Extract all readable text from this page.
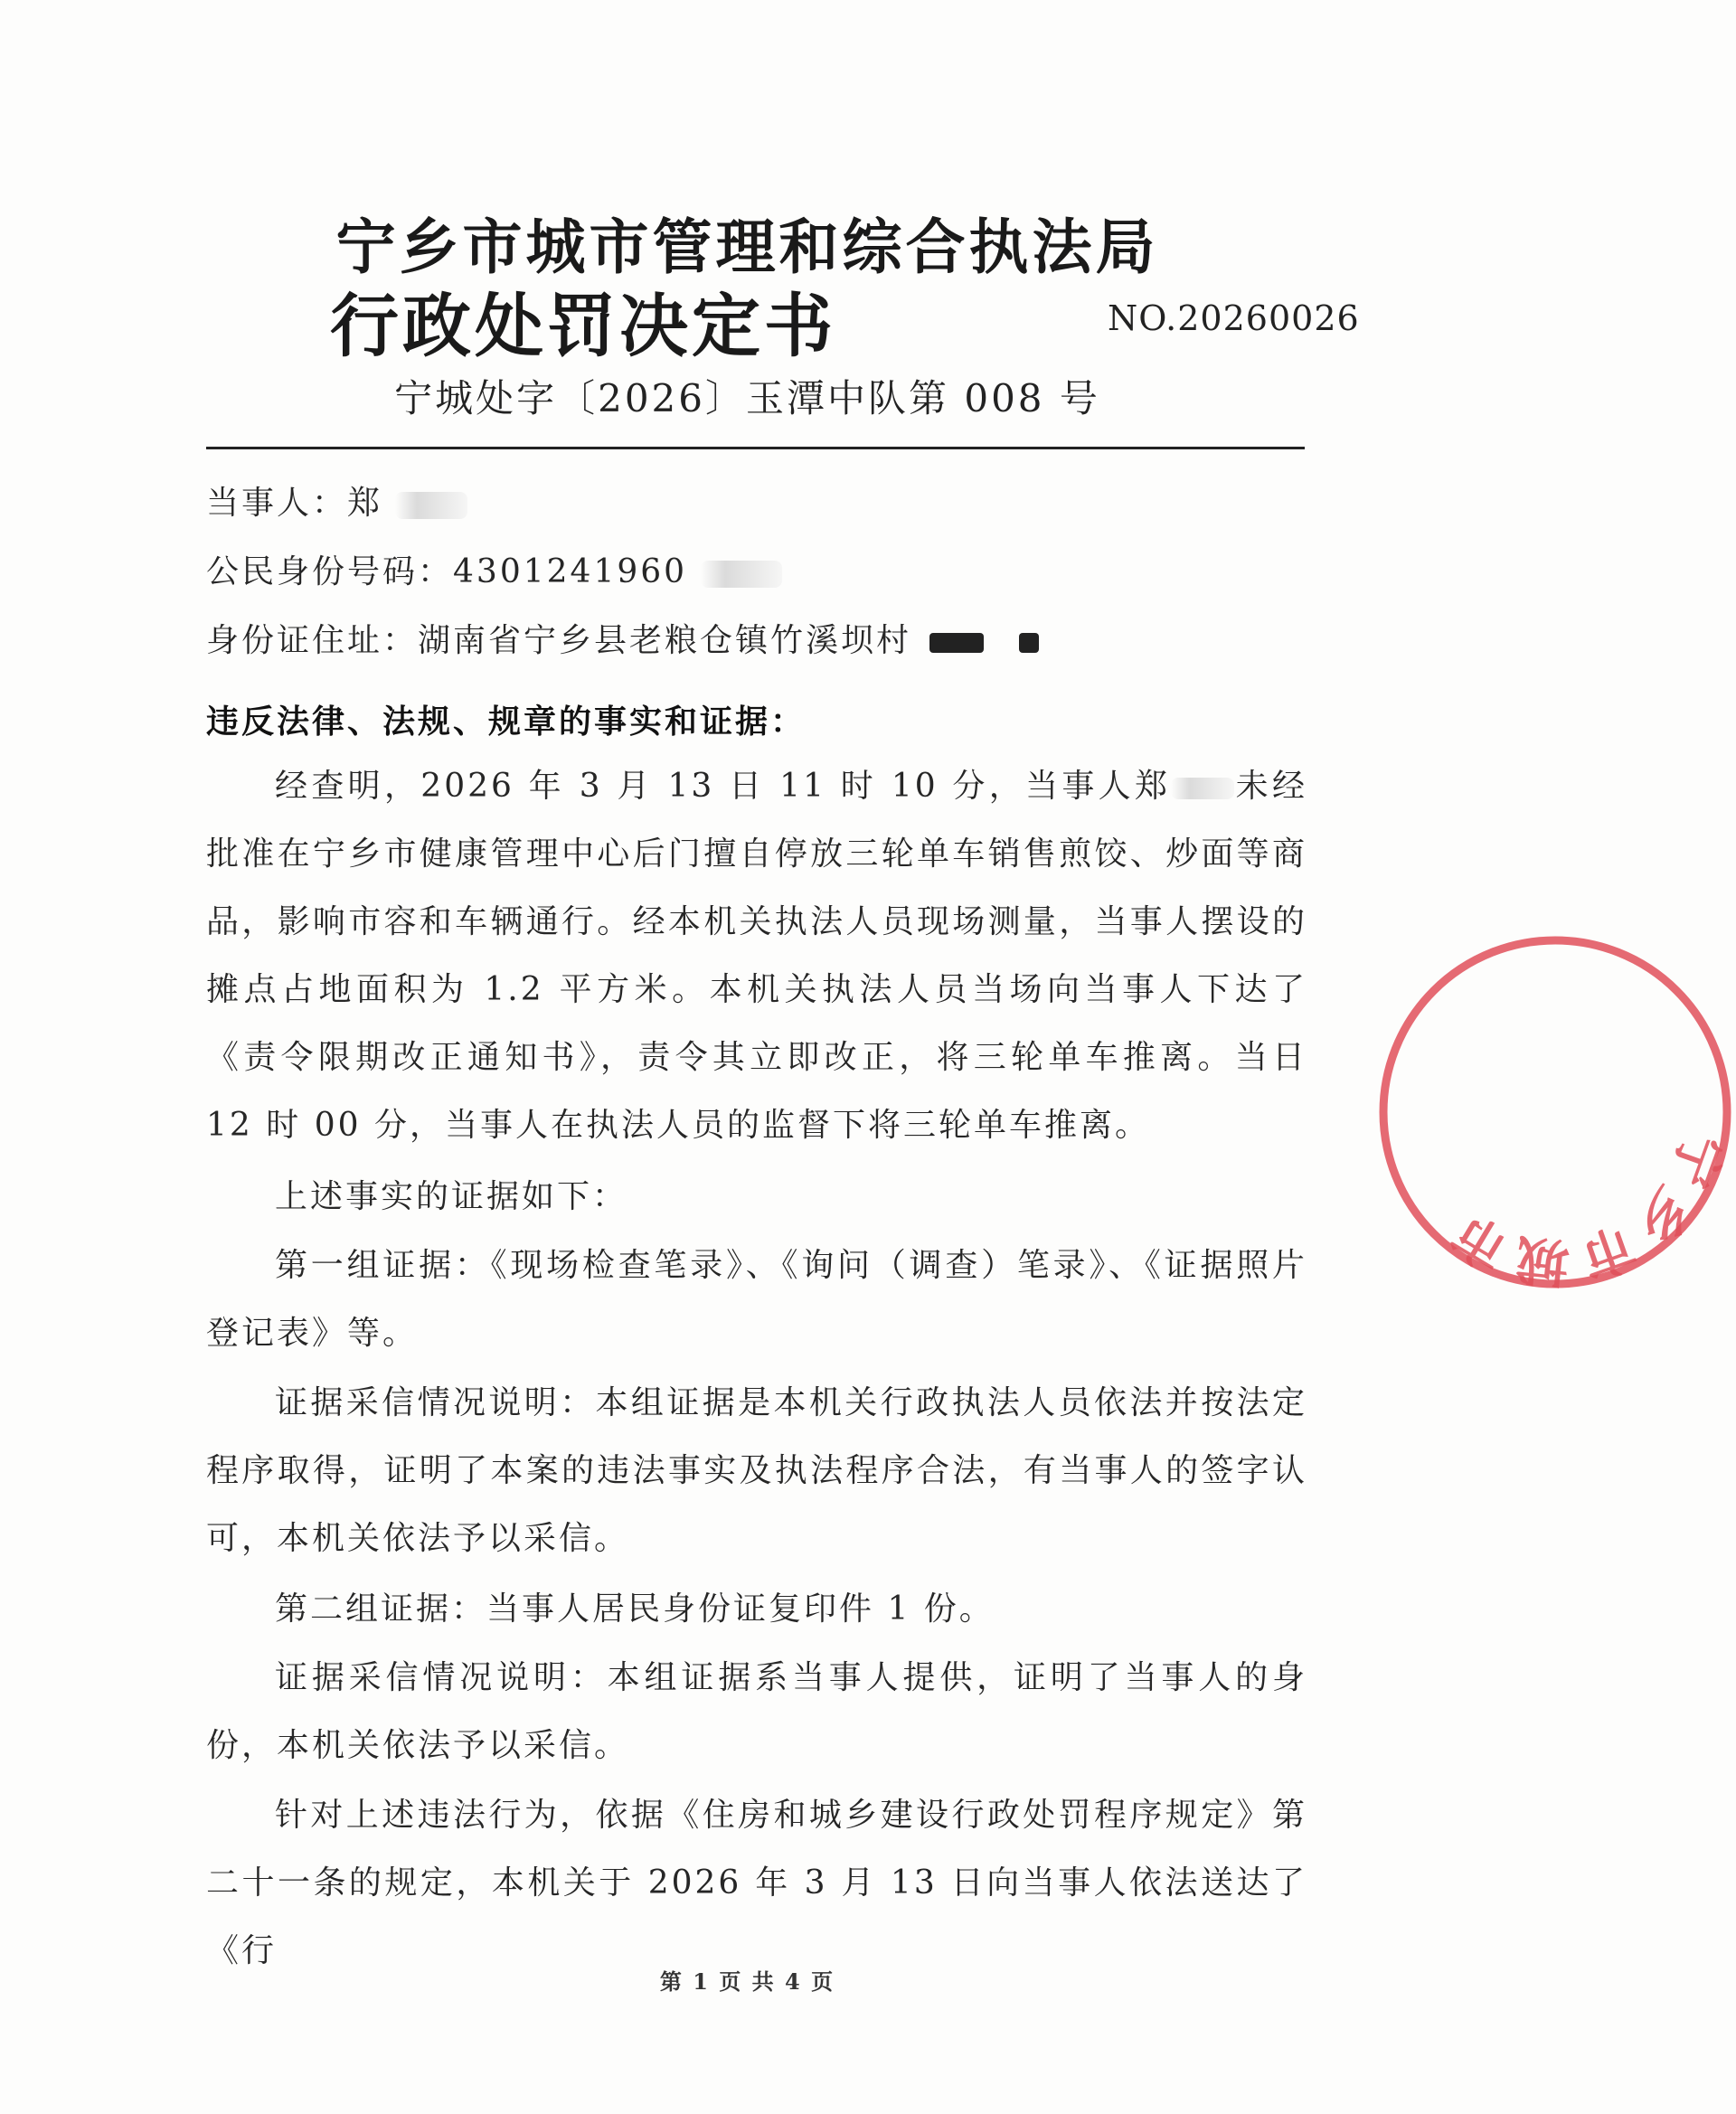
宁乡市城市管理和综合执法局
行政处罚决定书	NO.20260026
宁城处字〔2026〕玉潭中队第 008 号
当事人：郑
公民身份号码：4301241960
身份证住址：湖南省宁乡县老粮仓镇竹溪坝村
违反法律、法规、规章的事实和证据：
经查明，2026 年 3 月 13 日 11 时 10 分，当事人郑 未经批准在宁乡市健康管理中心后门擅自停放三轮单车销售煎饺、炒面等商品，影响市容和车辆通行。经本机关执法人员现场测量，当事人摆设的摊点占地面积为 1.2 平方米。本机关执法人员当场向当事人下达了《责令限期改正通知书》，责令其立即改正，将三轮单车推离。当日 12 时 00 分，当事人在执法人员的监督下将三轮单车推离。
上述事实的证据如下：
第一组证据：《现场检查笔录》、《询问（调查）笔录》、《证据照片登记表》等。
证据采信情况说明：本组证据是本机关行政执法人员依法并按法定程序取得，证明了本案的违法事实及执法程序合法，有当事人的签字认可，本机关依法予以采信。
第二组证据：当事人居民身份证复印件 1 份。
证据采信情况说明：本组证据系当事人提供，证明了当事人的身份，本机关依法予以采信。
针对上述违法行为，依据《住房和城乡建设行政处罚程序规定》第二十一条的规定，本机关于 2026 年 3 月 13 日向当事人依法送达了《行
第 1 页 共 4 页
宁乡市城市
